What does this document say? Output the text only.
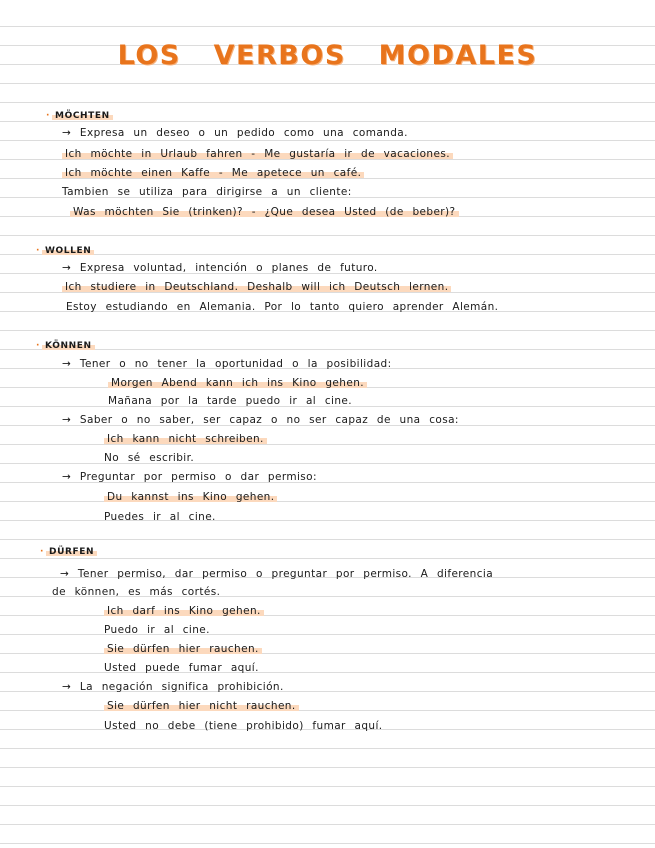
LOS VERBOS MODALES
· MÖCHTEN
→ Expresa un deseo o un pedido como una comanda.
Ich möchte in Urlaub fahren - Me gustaría ir de vacaciones.
Ich möchte einen Kaffe - Me apetece un café.
Tambien se utiliza para dirigirse a un cliente:
Was möchten Sie (trinken)? - ¿Que desea Usted (de beber)?
· WOLLEN
→ Expresa voluntad, intención o planes de futuro.
Ich studiere in Deutschland. Deshalb will ich Deutsch lernen.
Estoy estudiando en Alemania. Por lo tanto quiero aprender Alemán.
· KÖNNEN
→ Tener o no tener la oportunidad o la posibilidad:
Morgen Abend kann ich ins Kino gehen.
Mañana por la tarde puedo ir al cine.
→ Saber o no saber, ser capaz o no ser capaz de una cosa:
Ich kann nicht schreiben.
No sé escribir.
→ Preguntar por permiso o dar permiso:
Du kannst ins Kino gehen.
Puedes ir al cine.
· DÜRFEN
→ Tener permiso, dar permiso o preguntar por permiso. A diferencia
de können, es más cortés.
Ich darf ins Kino gehen.
Puedo ir al cine.
Sie dürfen hier rauchen.
Usted puede fumar aquí.
→ La negación significa prohibición.
Sie dürfen hier nicht rauchen.
Usted no debe (tiene prohibido) fumar aquí.
